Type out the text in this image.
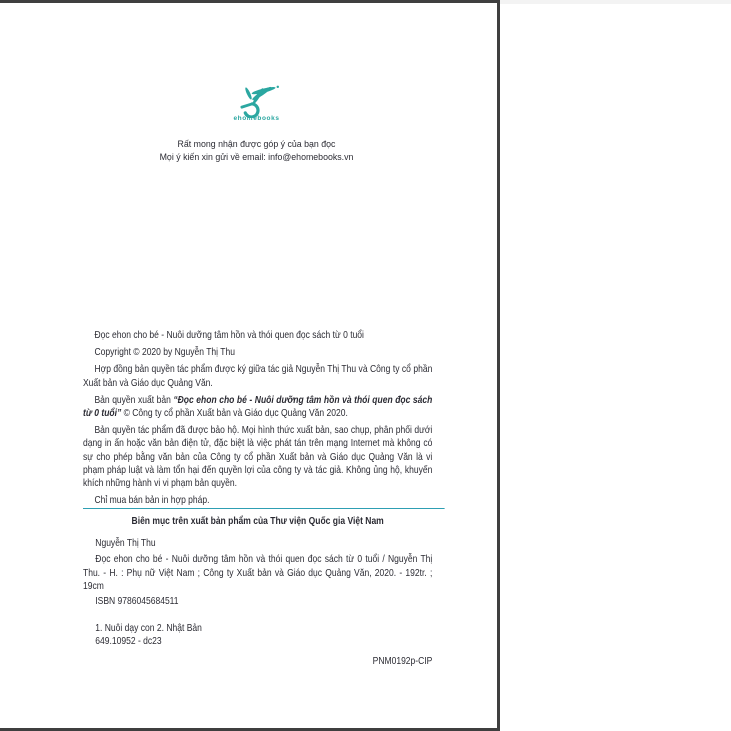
ehomebooks
Rất mong nhận được góp ý của bạn đọc
Mọi ý kiến xin gửi về email: info@ehomebooks.vn

Đọc ehon cho bé - Nuôi dưỡng tâm hồn và thói quen đọc sách từ 0 tuổi

Copyright © 2020 by Nguyễn Thị Thu

Hợp đồng bản quyền tác phẩm được ký giữa tác giả Nguyễn Thị Thu và Công ty cổ phần Xuất bản và Giáo dục Quảng Văn.

Bản quyền xuất bản “Đọc ehon cho bé - Nuôi dưỡng tâm hồn và thói quen đọc sách từ 0 tuổi” © Công ty cổ phần Xuất bản và Giáo dục Quảng Văn 2020.

Bản quyền tác phẩm đã được bảo hộ. Mọi hình thức xuất bản, sao chụp, phân phối dưới dạng in ấn hoặc văn bản điện tử, đặc biệt là việc phát tán trên mạng Internet mà không có sự cho phép bằng văn bản của Công ty cổ phần Xuất bản và Giáo dục Quảng Văn là vi phạm pháp luật và làm tổn hại đến quyền lợi của công ty và tác giả. Không ủng hộ, khuyến khích những hành vi vi phạm bản quyền.

Chỉ mua bán bản in hợp pháp.

Biên mục trên xuất bản phẩm của Thư viện Quốc gia Việt Nam

Nguyễn Thị Thu

Đọc ehon cho bé - Nuôi dưỡng tâm hồn và thói quen đọc sách từ 0 tuổi / Nguyễn Thị Thu. - H. : Phụ nữ Việt Nam ; Công ty Xuất bản và Giáo dục Quảng Văn, 2020. - 192tr. ; 19cm

ISBN 9786045684511

1. Nuôi dạy con 2. Nhật Bản

649.10952 - dc23

PNM0192p-CIP
